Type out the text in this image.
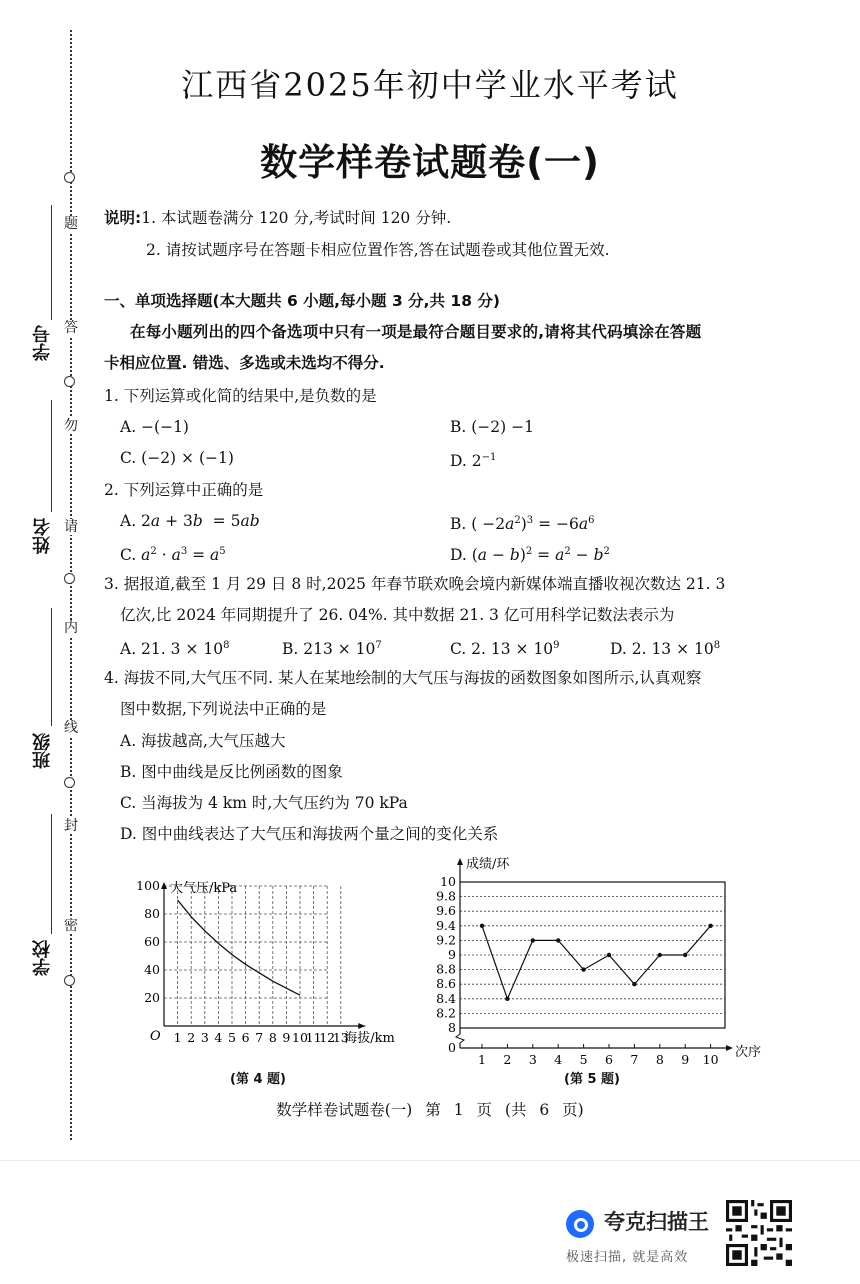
题
答
勿
请
内
线
封
密
学号
姓名
班级
学校
江西省2025年初中学业水平考试
数学样卷试题卷(一)
说明:1. 本试题卷满分 120 分,考试时间 120 分钟.
2. 请按试题序号在答题卡相应位置作答,答在试题卷或其他位置无效.
一、单项选择题(本大题共 6 小题,每小题 3 分,共 18 分)
在每小题列出的四个备选项中只有一项是最符合题目要求的,请将其代码填涂在答题
卡相应位置. 错选、多选或未选均不得分.
1. 下列运算或化简的结果中,是负数的是
A. −(−1)	B. (−2) −1
C. (−2) × (−1)	D. $2^{-1}$
2. 下列运算中正确的是
A. 2a + 3b  = 5ab	B. ( $-2a^2)^3 = -6a^6$
C. $a^2 \cdot a^3 = a^5$	D. $(a - b)^2 = a^2 - b^2$
3. 据报道,截至 1 月 29 日 8 时,2025 年春节联欢晚会境内新媒体端直播收视次数达 21. 3
亿次,比 2024 年同期提升了 26. 04%. 其中数据 21. 3 亿可用科学记数法表示为
A. 21. $3 \times 10^8$	B. $213 \times 10^7$	C. 2. $13 \times 10^9$	D. 2. $13 \times 10^8$
4. 海拔不同,大气压不同. 某人在某地绘制的大气压与海拔的函数图象如图所示,认真观察
图中数据,下列说法中正确的是
A. 海拔越高,大气压越大
B. 图中曲线是反比例函数的图象
C. 当海拔为 4 km 时,大气压约为 70 kPa
D. 图中曲线表达了大气压和海拔两个量之间的变化关系
大气压/kPa
海拔/km
O 1 2 3 4 5 6 7 8 9 10
11
12
13
20
40
60
80
100
8
8.2
8.4
8.6
8.8
9
9.2
9.4
9.6
9.8
10
0
成绩/环
次序
1 2 3 4 5 6 7 8 9 10
(第 4 题)	(第 5 题)
数学样卷试题卷(一) 第 1 页 (共 6 页)
夸克扫描王
极速扫描, 就是高效
